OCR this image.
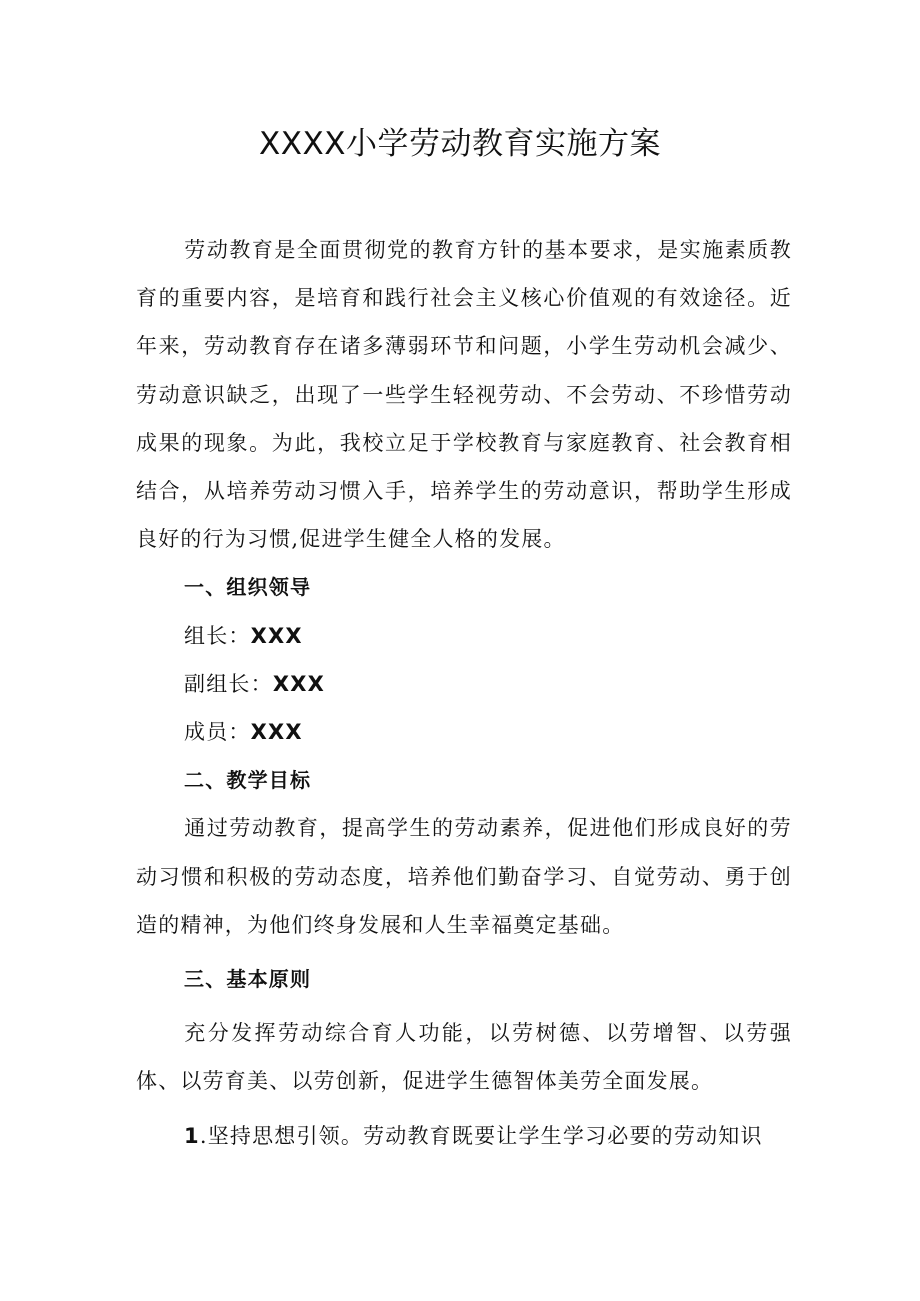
XXXX小学劳动教育实施方案

劳动教育是全面贯彻党的教育方针的基本要求，是实施素质教育的重要内容，是培育和践行社会主义核心价值观的有效途径。近年来，劳动教育存在诸多薄弱环节和问题，小学生劳动机会减少、劳动意识缺乏，出现了一些学生轻视劳动、不会劳动、不珍惜劳动成果的现象。为此，我校立足于学校教育与家庭教育、社会教育相结合，从培养劳动习惯入手，培养学生的劳动意识，帮助学生形成良好的行为习惯,促进学生健全人格的发展。

一、组织领导
组长：XXX
副组长：XXX
成员：XXX
二、教学目标

通过劳动教育，提高学生的劳动素养，促进他们形成良好的劳动习惯和积极的劳动态度，培养他们勤奋学习、自觉劳动、勇于创造的精神，为他们终身发展和人生幸福奠定基础。

三、基本原则

充分发挥劳动综合育人功能，以劳树德、以劳增智、以劳强体、以劳育美、以劳创新，促进学生德智体美劳全面发展。

1.坚持思想引领。劳动教育既要让学生学习必要的劳动知识
